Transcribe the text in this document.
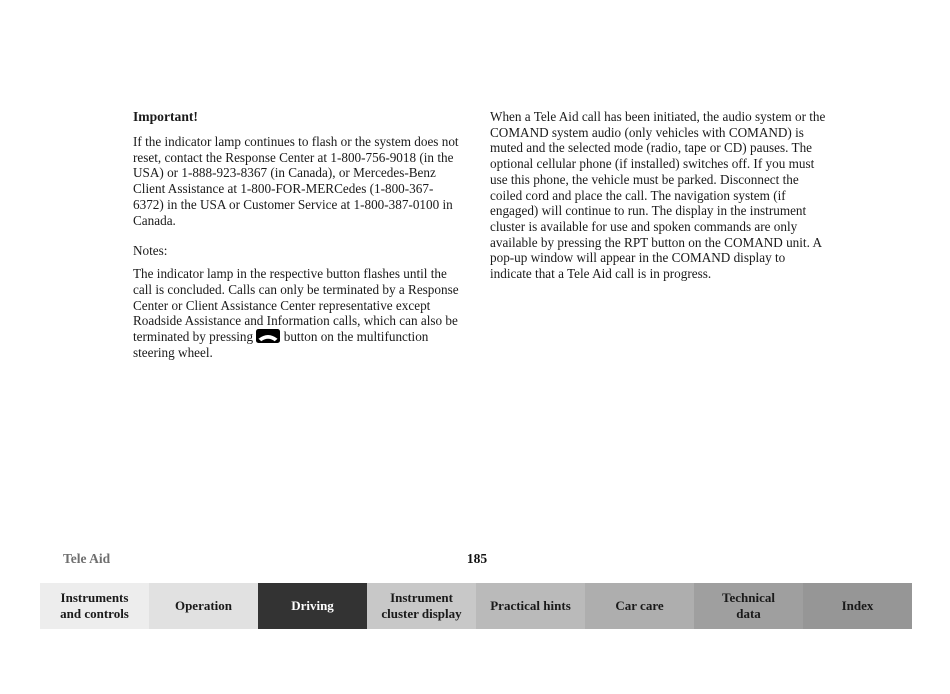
Important!

If the indicator lamp continues to flash or the system does not reset, contact the Response Center at 1-800-756-9018 (in the USA) or 1-888-923-8367 (in Canada), or Mercedes-Benz Client Assistance at 1-800-FOR-MERCedes (1-800-367-6372) in the USA or Customer Service at 1-800-387-0100 in Canada.

Notes:

The indicator lamp in the respective button flashes until the call is concluded. Calls can only be terminated by a Response Center or Client Assistance Center representative except Roadside Assistance and Information calls, which can also be terminated by pressing  button on the multifunction steering wheel.

When a Tele Aid call has been initiated, the audio system or the COMAND system audio (only vehicles with COMAND) is muted and the selected mode (radio, tape or CD) pauses. The optional cellular phone (if installed) switches off. If you must use this phone, the vehicle must be parked. Disconnect the coiled cord and place the call. The navigation system (if engaged) will continue to run. The display in the instrument cluster is available for use and spoken commands are only available by pressing the RPT button on the COMAND unit. A pop-up window will appear in the COMAND display to indicate that a Tele Aid call is in progress.

Tele Aid	185
Instruments
and controls
Operation	Driving
Instrument
cluster display
Practical hints	Car care
Technical
data
Index
